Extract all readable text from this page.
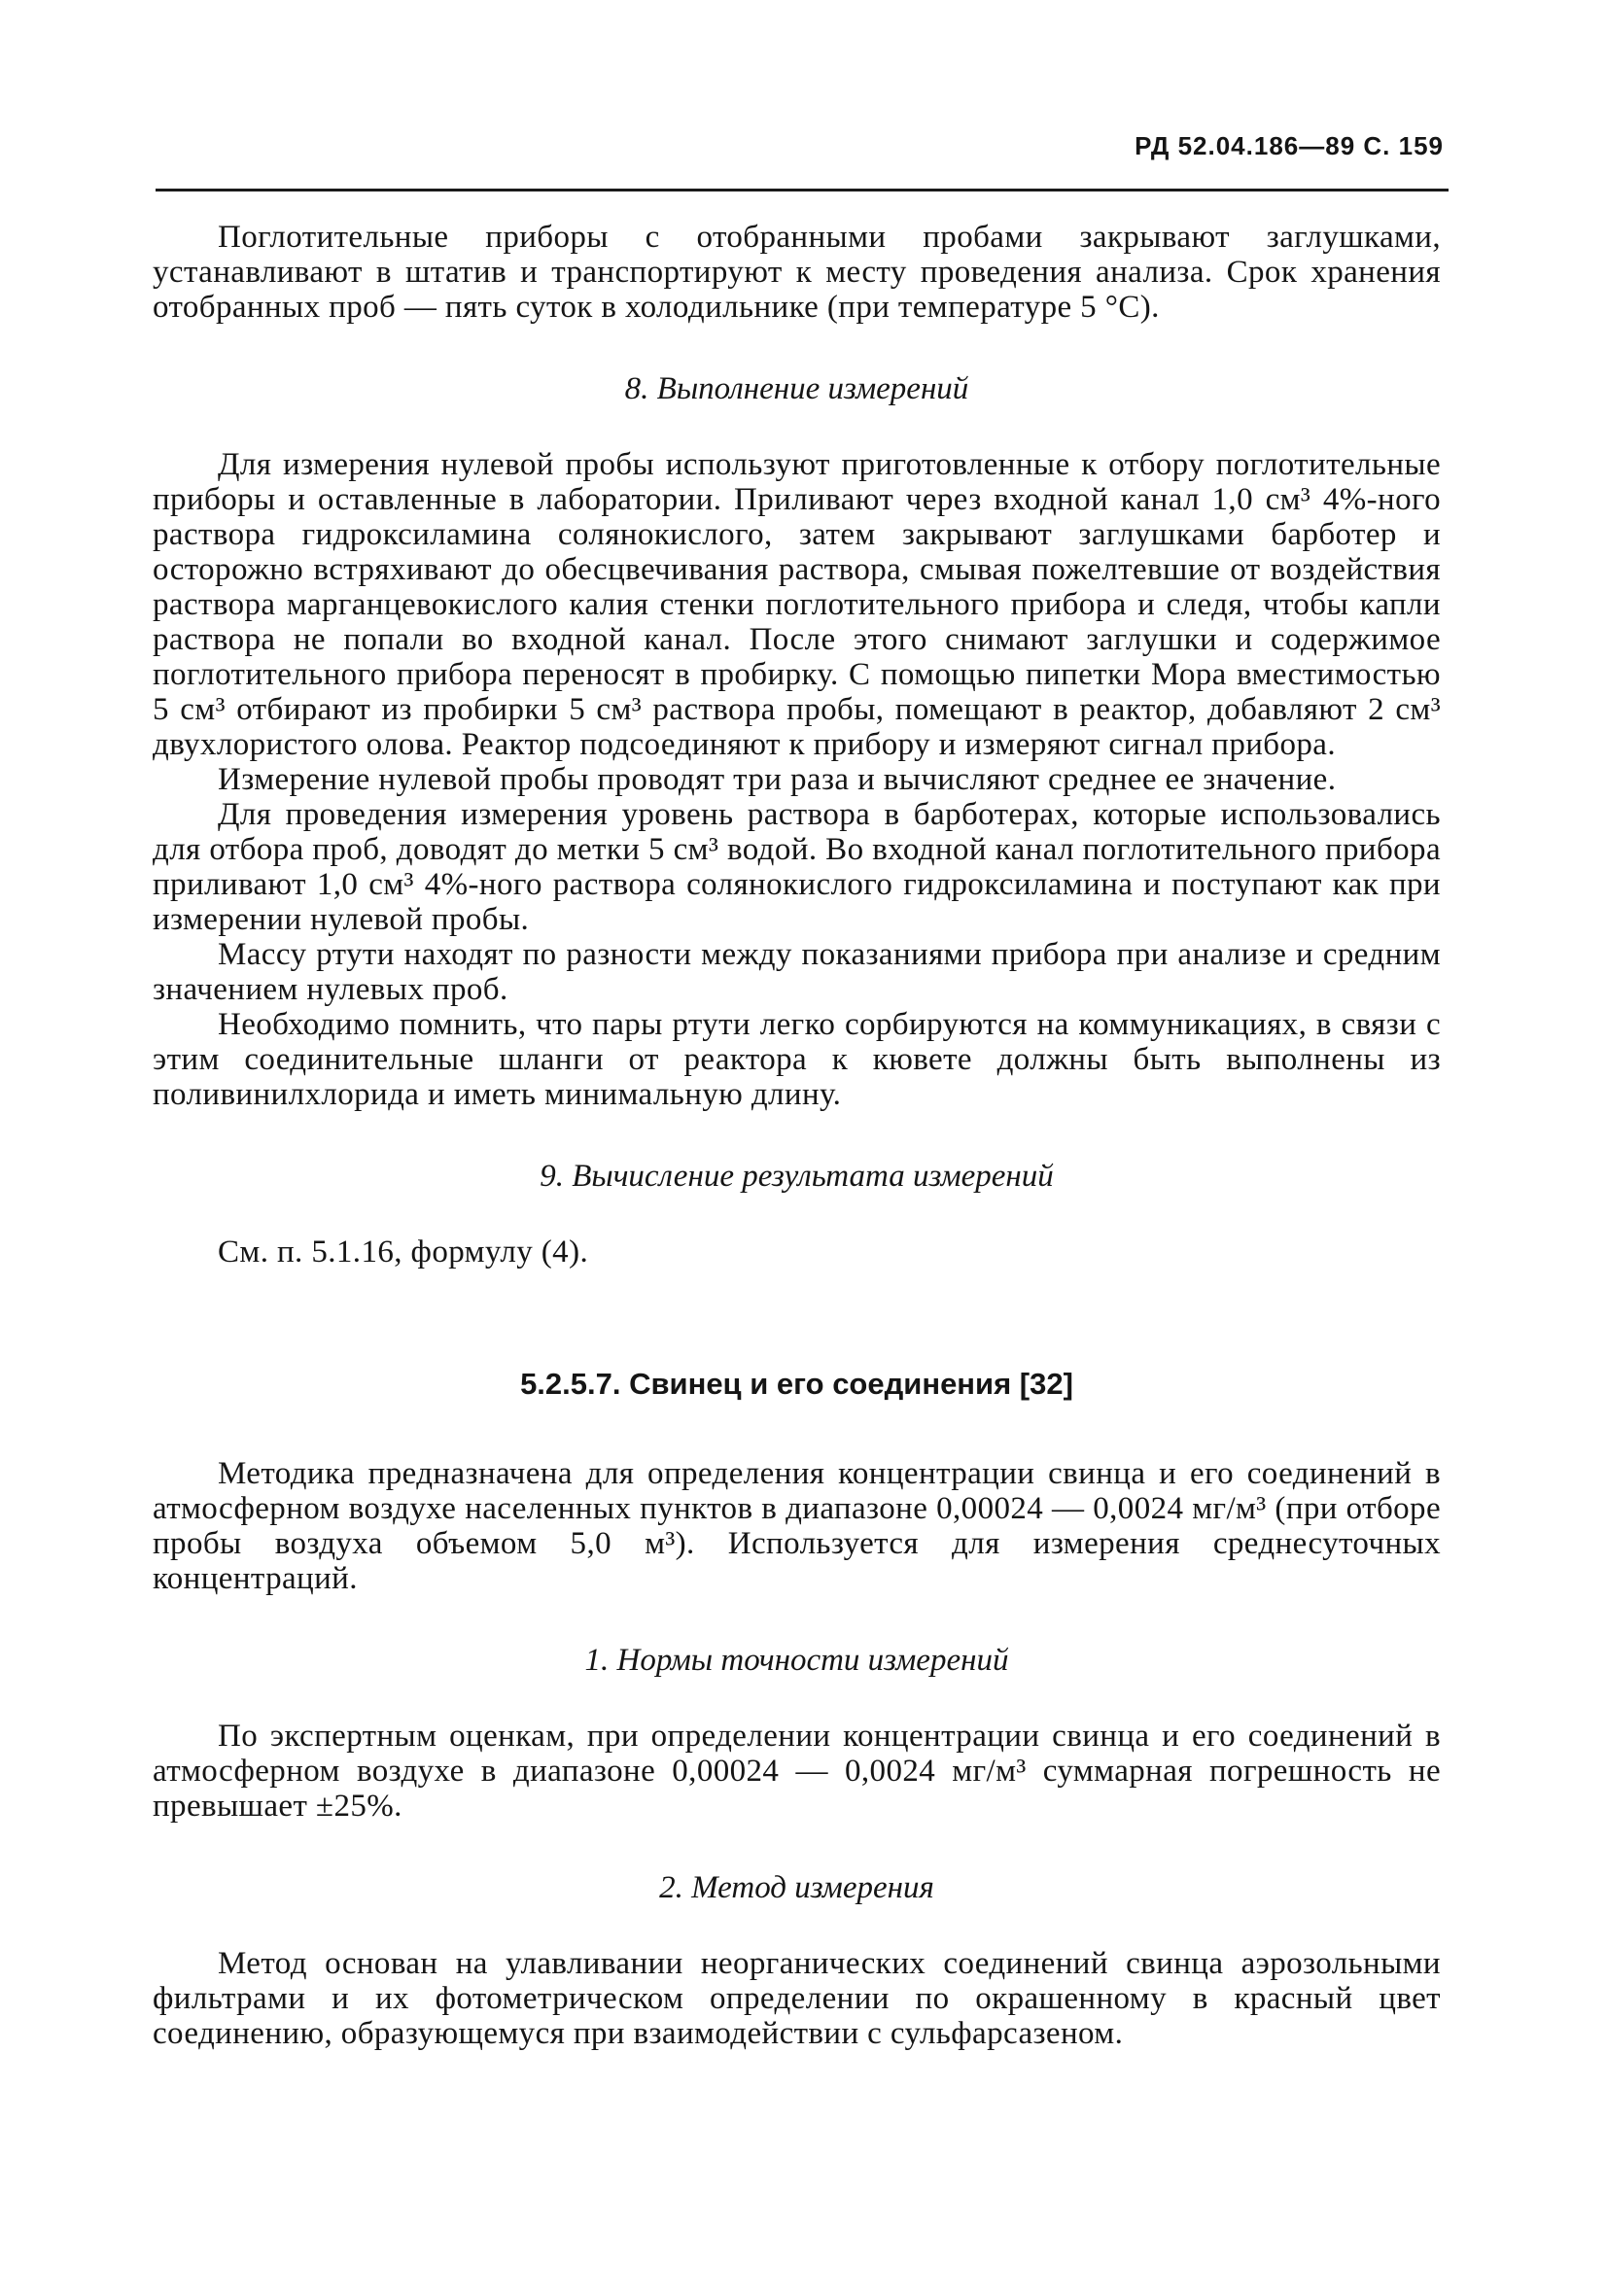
РД 52.04.186—89 С. 159

Поглотительные приборы с отобранными пробами закрывают заглушками, устанавливают в штатив и транспортируют к месту проведения анализа. Срок хранения отобранных проб — пять суток в холодильнике (при температуре 5 °С).

8. Выполнение измерений

Для измерения нулевой пробы используют приготовленные к отбору поглотительные приборы и оставленные в лаборатории. Приливают через входной канал 1,0 см³ 4%-ного раствора гидроксиламина солянокислого, затем закрывают заглушками барботер и осторожно встряхивают до обесцвечивания раствора, смывая пожелтевшие от воздействия раствора марганцевокислого калия стенки поглотительного прибора и следя, чтобы капли раствора не попали во входной канал. После этого снимают заглушки и содержимое поглотительного прибора переносят в пробирку. С помощью пипетки Мора вместимостью 5 см³ отбирают из пробирки 5 см³ раствора пробы, помещают в реактор, добавляют 2 см³ двухлористого олова. Реактор подсоединяют к прибору и измеряют сигнал прибора.

Измерение нулевой пробы проводят три раза и вычисляют среднее ее значение.

Для проведения измерения уровень раствора в барботерах, которые использовались для отбора проб, доводят до метки 5 см³ водой. Во входной канал поглотительного прибора приливают 1,0 см³ 4%-ного раствора солянокислого гидроксиламина и поступают как при измерении нулевой пробы.

Массу ртути находят по разности между показаниями прибора при анализе и средним значением нулевых проб.

Необходимо помнить, что пары ртути легко сорбируются на коммуникациях, в связи с этим соединительные шланги от реактора к кювете должны быть выполнены из поливинилхлорида и иметь минимальную длину.

9. Вычисление результата измерений

См. п. 5.1.16, формулу (4).

5.2.5.7. Свинец и его соединения [32]

Методика предназначена для определения концентрации свинца и его соединений в атмосферном воздухе населенных пунктов в диапазоне 0,00024 — 0,0024 мг/м³ (при отборе пробы воздуха объемом 5,0 м³). Используется для измерения среднесуточных концентраций.

1. Нормы точности измерений

По экспертным оценкам, при определении концентрации свинца и его соединений в атмосферном воздухе в диапазоне 0,00024 — 0,0024 мг/м³ суммарная погрешность не превышает ±25%.

2. Метод измерения

Метод основан на улавливании неорганических соединений свинца аэрозольными фильтрами и их фотометрическом определении по окрашенному в красный цвет соединению, образующемуся при взаимодействии с сульфарсазеном.
